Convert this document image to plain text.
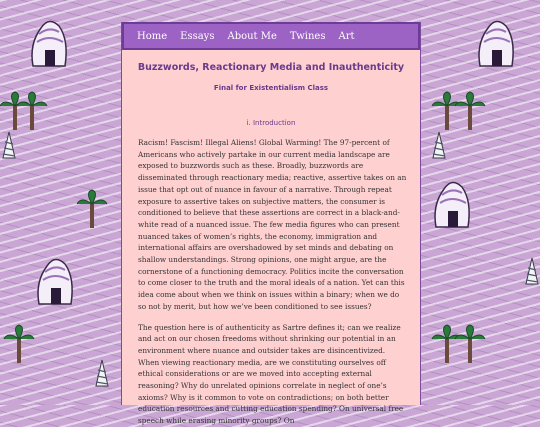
Home Essays About Me Twines Art
Buzzwords, Reactionary Media and Inauthenticity
Final for Existentialism Class
i. Introduction

Racism! Fascism! Illegal Aliens! Global Warming! The 97-percent of Americans who actively partake in our current media landscape are exposed to buzzwords such as these. Broadly, buzzwords are disseminated through reactionary media; reactive, assertive takes on an issue that opt out of nuance in favour of a narrative. Through repeat exposure to assertive takes on subjective matters, the consumer is conditioned to believe that these assertions are correct in a black-and-white read of a nuanced issue. The few media figures who can present nuanced takes of women’s rights, the economy, immigration and international affairs are overshadowed by set minds and debating on shallow understandings. Strong opinions, one might argue, are the cornerstone of a functioning democracy. Politics incite the conversation to come closer to the truth and the moral ideals of a nation. Yet can this idea come about when we think on issues within a binary; when we do so not by merit, but how we’ve been conditioned to see issues?

The question here is of authenticity as Sartre defines it; can we realize and act on our chosen freedoms without shrinking our potential in an environment where nuance and outsider takes are disincentivized. When viewing reactionary media, are we constituting ourselves off ethical considerations or are we moved into accepting external reasoning? Why do unrelated opinions correlate in neglect of one’s axioms? Why is it common to vote on contradictions; on both better education resources and cutting education spending? On universal free speech while erasing minority groups? On
